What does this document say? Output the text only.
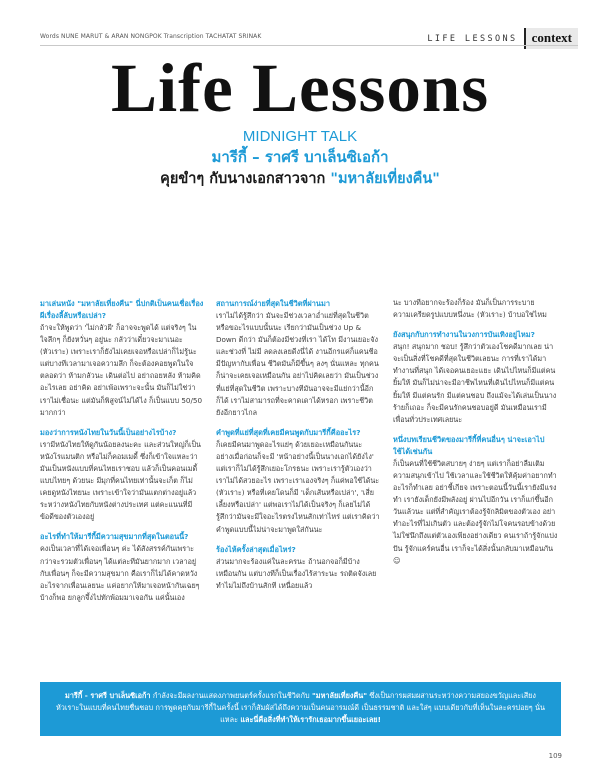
Words NUNE MARUT & ARAN NONGPOK Transcription TACHATAT SRINAK	LIFE LESSONS	context
Life Lessons
MIDNIGHT TALK
มารีกี้ – ราศรี บาเล็นซิเอก้า
คุยขำๆ กับนางเอกสาวจาก "มหาลัยเที่ยงคืน"
มาเล่นหนัง "มหาลัยเที่ยงคืน" นี่ปกติเป็นคนเชื่อเรื่องผีเรื่องลี้ลับหรือเปล่า?
ถ้าจะให้พูดว่า 'ไม่กลัวผี' ก็อาจจะพูดได้ แต่จริงๆ ในใจลึกๆ ก็ยังหวั่นๆ อยู่นะ กลัวว่าเดี๋ยวจะมาเนอะ (หัวเราะ) เพราะเราก็ยังไม่เคยเจอหรือเปล่าก็ไม่รู้นะ แต่บางทีเวลามาเจอความลึก ก็จะต้องคอยพูดในใจตลอดว่า ห้ามกลัวนะ เดินต่อไป อย่าถอยหลัง ห้ามคิดอะไรเลย อย่าคิด อย่าเพ้อเพราะจะนั้น มันก็ไม่ใช่ว่าเราไม่เชื่อนะ แต่มันก็พิสูจน์ไม่ได้ไง ก็เป็นแบบ 50/50 มากกว่า
มองว่าการหนังไทยในวันนี้เป็นอย่างไรบ้าง?
เรามีหนังไทยให้ดูกันน้อยลงนะคะ และส่วนใหญ่ก็เป็นหนังโรแมนติก หรือไม่ก็คอมเมดี้ ซึ่งก็เข้าใจแหละว่ามันเป็นหนังแบบที่คนไทยเราชอบ แล้วก็เป็นคอนเมดี้แบบไทยๆ ด้วยนะ มีมุกที่คนไทยเท่านั้นจะเก็ต ก็ไม่เคยดูหนังไทยนะ เพราะเข้าใจว่ามันแตกต่างอยู่แล้วระหว่างหนังไทยกับหนังต่างประเทศ แต่คะแนนที่มีข้อดีของตัวเองอยู่
อะไรที่ทำให้มารีกี้มีความสุขมากที่สุดในตอนนี้?
คงเป็นเวลาที่ได้เจอเพื่อนๆ ค่ะ ได้สังสรรค์กันเพราะกว่าจะรวมตัวเพื่อนๆ ได้แต่ละทีมันยากมาก เวลาอยู่กับเพื่อนๆ ก็จะมีความสุขมาก คือเราก็ไม่ได้คาดหวังอะไรจากเพื่อนเลยนะ แค่อยากให้มาเจอหน้ากันเฉยๆ บ้างก็พอ ยกลูกจึ้งไปทักพ้อมมาเจอกัน แค่นั้นเอง
สถานการณ์ง่ายที่สุดในชีวิตที่ผ่านมา
เราไม่ได้รู้สึกว่า มันจะมีช่วงเวลาอ่ำแย่ที่สุดในชีวิตหรือขอะไรแบบนั้นนะ เรียกว่ามันเป็นช่วง Up & Down ดีกว่า มันก็ต้องมีช่วงที่เรา ได้โท มีงานเยอะจัง และช่วงที่ ไม่มี ลดลงเลยดีงนี่ได้ งานอีกรแค่ก็แคนชีอ มีปัญหากับเพื่อน ชีวิตมันก็มีขึ้นๆ ลงๆ นั่นแหละ ทุกคนก็น่าจะเคยเจอเหมือนกัน อย่าไปคิดเลยว่า มันเป็นช่วงที่แย่ที่สุดในชีวิต เพราะบางทีมันอาจจะมีแย่กว่านี้อีกก็ได้ เราไม่สามารถที่จะคาดเดาได้หรอก เพราะชีวิตยังอีกยาวไกล
คำพูดที่แย่ที่สุดที่เคยมีคนพูดกับมารีกี้คืออะไร?
ก็เคยมีคนมาพูดอะไรแย่ๆ ด้วยเยอะเหมือนกันนะ อย่างเมื่อก่อนก็จะมี 'หน้าอย่างนี้เป็นนางเอกได้ยังไง' แต่เราก็ไม่ได้รู้สึกเยอะโกรธนะ เพราะเรารู้ตัวเองว่าเราไม่ได้สวยอะไร เพราะเราเองจริงๆ ก็แค่พอใช้ได้นะ (หัวเราะ) หรือที่เคยโดนก็มี 'เด็กเส้นหรือเปล่า', 'เสี่ยเลี้ยงหรือเปล่า' แต่พอเราไม่ได้เป็นจริงๆ ก็เลยไม่ได้รู้สึกว่ามันจะมีใจอะไรตรงไหนสักเท่าไหร่ แต่เราคิดว่า คำพูดแบบนี้ไม่น่าจะมาพูดใส่กันนะ
ร้องไห้ครั้งล่าสุดเมื่อไหร่?
ส่วนมากจะร้องแค่ในละครนะ ถ้านอกจอก็มีบ้างเหมือนกัน แต่บางทีก็เป็นเรื่องไร้สาระนะ รถติดจังเลย ทำไมไม่ถึงบ้านสักที เหนื่อยแล้ว
นะ บางทีอยากจะร้องก็ร้อง มันก็เป็นการระบายความเครียดรูปแบบหนึ่งนะ (หัวเราะ) บ้าบอใช่ไหม
ยังสนุกกับการทำงานในวงการบันเทิงอยู่ไหม?
สนุก! สนุกมาก ชอบ! รู้สึกว่าตัวเองโชคดีมากเลย น่าจะเป็นสิ่งที่โชคดีที่สุดในชีวิตเลยนะ การที่เราได้มาทำงานที่สนุก ได้เจอคนเยอะแยะ เดินไปไหนก็มีแต่คนยิ้มให้ มันก็ไม่น่าจะมีอาชีพไหนที่เดินไปไหนก็มีแต่คนยิ้มให้ มีแต่คนรัก มีแต่คนชอบ ถึงแม้จะได้เล่นเป็นนางร้ายก็เถอะ ก็จะมีคนรักคนชอบอยู่ดี มันเหมือนเรามีเพื่อนทั่วประเทศเลยนะ
หนึ่งบทเรียนชีวิตของมารีกี้ที่คนอื่นๆ น่าจะเอาไปใช้ได้เช่นกัน
ก็เป็นคนที่ใช้ชีวิตสบายๆ ง่ายๆ แต่เราก็อย่าลืมเติมความสนุกเข้าไป ใช้เวลาและใช้ชีวิตให้คุ้มค่าอยากทำอะไรก็ทำเลย อย่าชี้เกียจ เพราะตอนนี้วันนี้เรายังมีแรงทำ เรายังเด็กยังมีพลังอยู่ ผ่านไปอีกวัน เราก็แก่ขึ้นอีกวันแล้วนะ แต่ที่สำคัญเราต้องรู้จักลิมิตของตัวเอง อย่าทำอะไรที่ไม่เกินตัว และต้องรู้จักไม่โจคนรอบข้างด้วย ไม่ใช่นึกถึงแต่ตัวเองเพียงอย่างเดียว คนเราถ้ารู้จักแบ่งปัน รู้จักแคร์คนอื่น เราก็จะได้สิ่งนั้นกลับมาเหมือนกัน ☺
มารีกี้ - ราศรี บาเล็นซิเอก้า กำลังจะมีผลงานแสดงภาพยนตร์ครั้งแรกในชีวิตกับ "มหาลัยเที่ยงคืน" ซึ่งเป็นการผสมผสานระหว่างความสยองขวัญและเสียงหัวเราะในแบบที่คนไทยชื่นชอบ การพูดคุยกับมารีกี้ในครั้งนี้ เราก็สัมผัสได้ถึงความเป็นคนอารมณ์ดี เป็นธรรมชาติ และใส่ๆ แบบเดียวกับที่เห็นในละครบ่อยๆ นั่นแหละ และนี่คือสิ่งที่ทำให้เรารักเธอมากขึ้นเยอะเลย!
109
